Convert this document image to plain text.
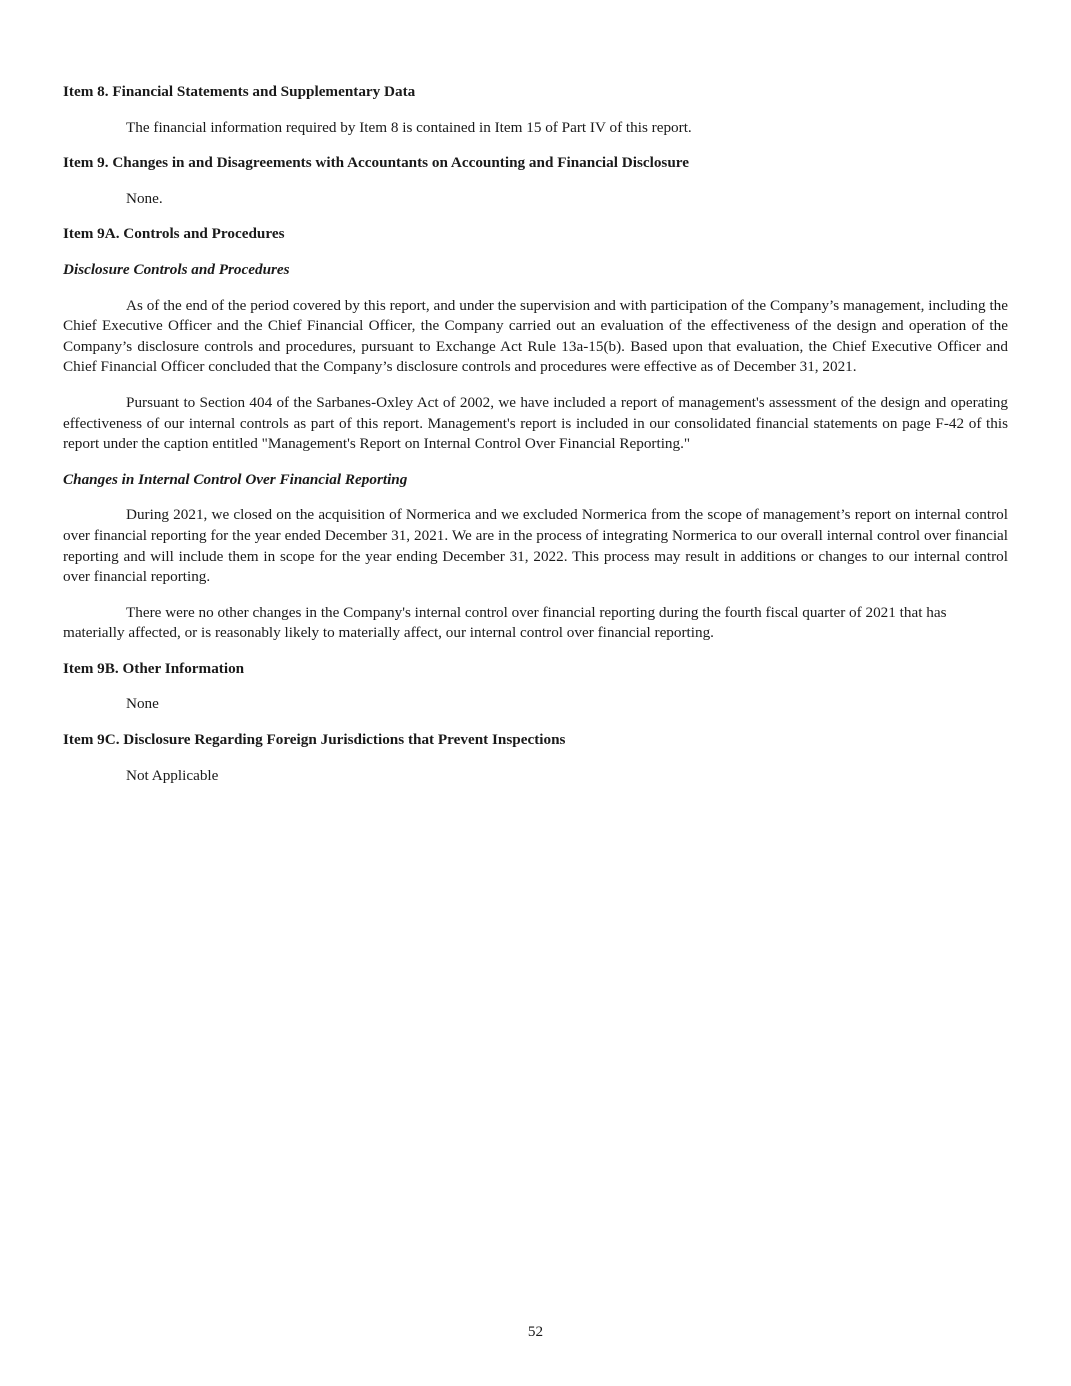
Item 8. Financial Statements and Supplementary Data

The financial information required by Item 8 is contained in Item 15 of Part IV of this report.

Item 9. Changes in and Disagreements with Accountants on Accounting and Financial Disclosure

None.

Item 9A. Controls and Procedures

Disclosure Controls and Procedures

As of the end of the period covered by this report, and under the supervision and with participation of the Company’s management, including the Chief Executive Officer and the Chief Financial Officer, the Company carried out an evaluation of the effectiveness of the design and operation of the Company’s disclosure controls and procedures, pursuant to Exchange Act Rule 13a-15(b). Based upon that evaluation, the Chief Executive Officer and Chief Financial Officer concluded that the Company’s disclosure controls and procedures were effective as of December 31, 2021.

Pursuant to Section 404 of the Sarbanes-Oxley Act of 2002, we have included a report of management's assessment of the design and operating effectiveness of our internal controls as part of this report. Management's report is included in our consolidated financial statements on page F-42 of this report under the caption entitled "Management's Report on Internal Control Over Financial Reporting."

Changes in Internal Control Over Financial Reporting

During 2021, we closed on the acquisition of Normerica and we excluded Normerica from the scope of management’s report on internal control over financial reporting for the year ended December 31, 2021. We are in the process of integrating Normerica to our overall internal control over financial reporting and will include them in scope for the year ending December 31, 2022. This process may result in additions or changes to our internal control over financial reporting.

There were no other changes in the Company's internal control over financial reporting during the fourth fiscal quarter of 2021 that has materially affected, or is reasonably likely to materially affect, our internal control over financial reporting.

Item 9B. Other Information

None

Item 9C. Disclosure Regarding Foreign Jurisdictions that Prevent Inspections

Not Applicable

52
